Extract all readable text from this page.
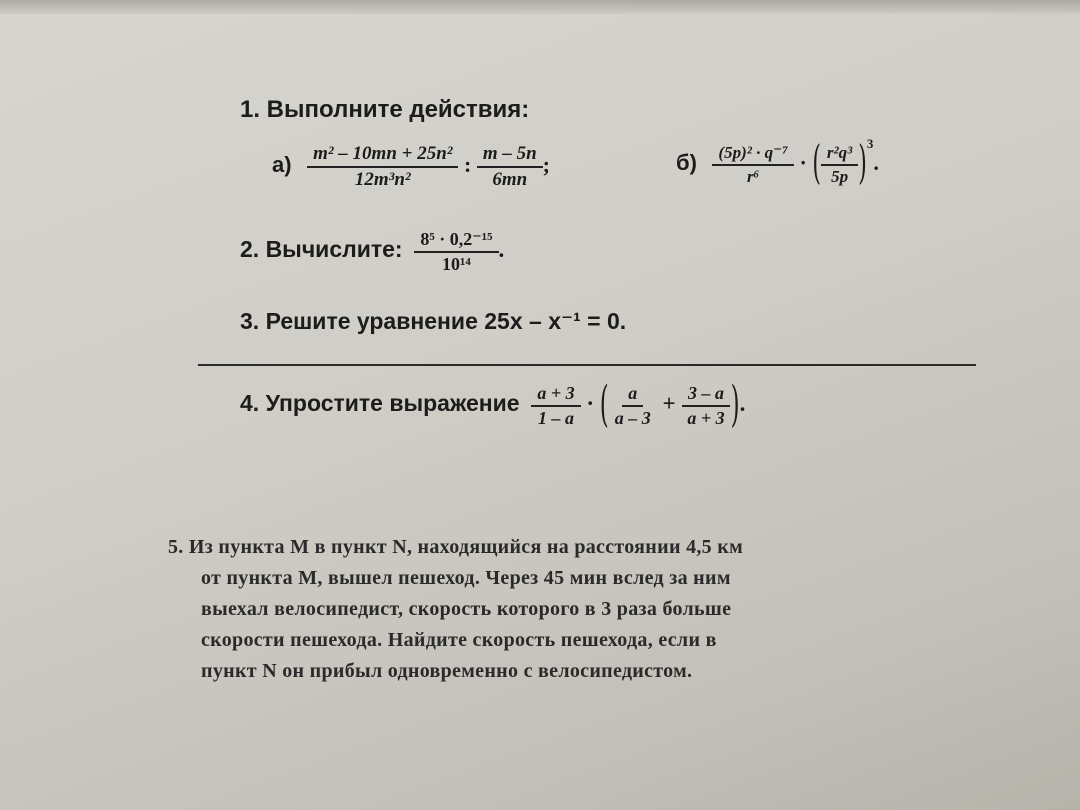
1. Выполните действия:
$а) \frac{\text{m² – 10mn + 25n²}}{\text{12m³n²}}$ : $\frac{m - 5n}{6mn}$ ;	$б) \frac{\text{(5p)² · q⁻⁷}}{\text{r⁶}}$ · ( $\frac{\text{r²q³}}{5p} )^3$.
2. Вычислите: $\frac{\text{8⁵ · 0,2⁻¹⁵}}{\text{10¹⁴}}$ .
3. Решите уравнение 25x – x⁻¹ = 0.
4. Упростите выражение $\frac{a + 3}{1 - a}$ · ( $\frac{a}{a - 3} + \frac{3 - a}{a + 3}$ ).
5. Из пункта M в пункт N, находящийся на расстоянии 4,5 км
от пункта M, вышел пешеход. Через 45 мин вслед за ним
выехал велосипедист, скорость которого в 3 раза больше
скорости пешехода. Найдите скорость пешехода, если в
пункт N он прибыл одновременно с велосипедистом.
